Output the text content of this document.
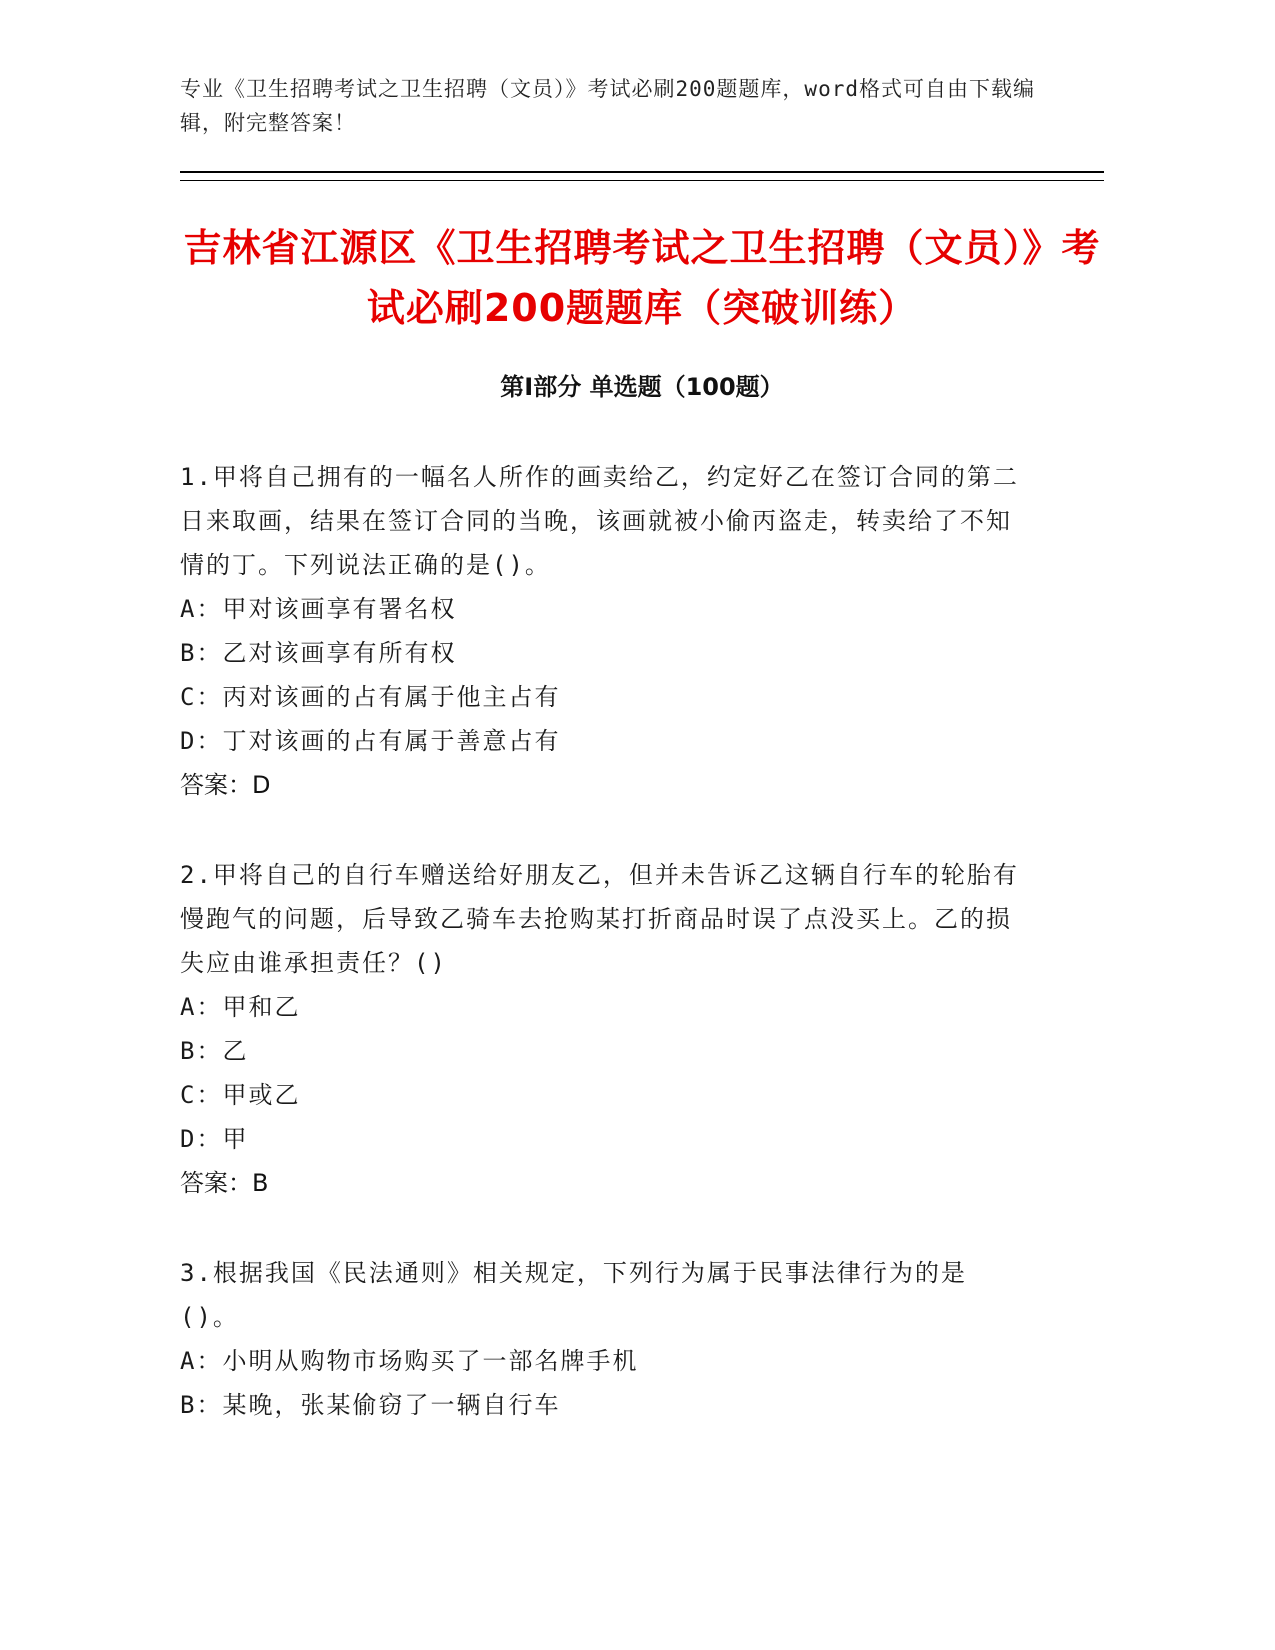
专业《卫生招聘考试之卫生招聘（文员）》考试必刷200题题库，word格式可自由下载编辑，附完整答案！
吉林省江源区《卫生招聘考试之卫生招聘（文员）》考试必刷200题题库（突破训练）
第Ⅰ部分 单选题（100题）
1.甲将自己拥有的一幅名人所作的画卖给乙，约定好乙在签订合同的第二日来取画，结果在签订合同的当晚，该画就被小偷丙盗走，转卖给了不知情的丁。下列说法正确的是()。
A：甲对该画享有署名权
B：乙对该画享有所有权
C：丙对该画的占有属于他主占有
D：丁对该画的占有属于善意占有
答案：D
2.甲将自己的自行车赠送给好朋友乙，但并未告诉乙这辆自行车的轮胎有慢跑气的问题，后导致乙骑车去抢购某打折商品时误了点没买上。乙的损失应由谁承担责任？()
A：甲和乙
B：乙
C：甲或乙
D：甲
答案：B
3.根据我国《民法通则》相关规定，下列行为属于民事法律行为的是()。
A：小明从购物市场购买了一部名牌手机
B：某晚，张某偷窃了一辆自行车
